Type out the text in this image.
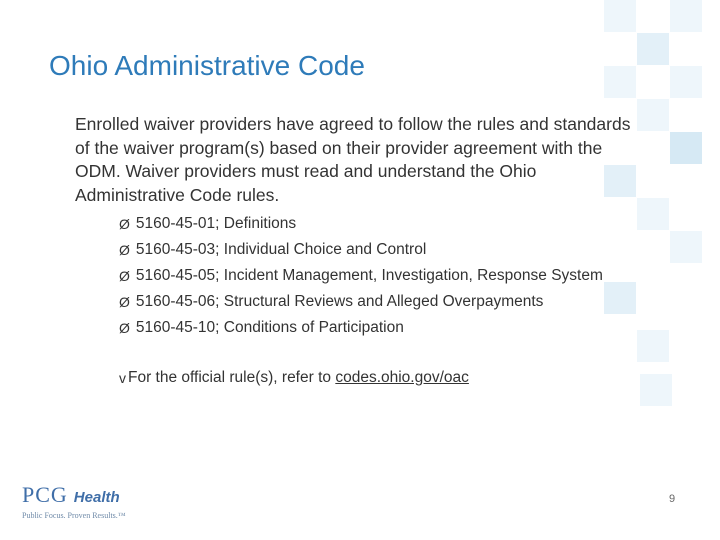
Ohio Administrative Code
Enrolled waiver providers have agreed to follow the rules and standards of the waiver program(s) based on their provider agreement with the ODM. Waiver providers must read and understand the Ohio Administrative Code rules.
Ø 5160-45-01; Definitions
Ø 5160-45-03; Individual Choice and Control
Ø 5160-45-05; Incident Management, Investigation, Response System
Ø 5160-45-06; Structural Reviews and Alleged Overpayments
Ø 5160-45-10; Conditions of Participation
v For the official rule(s), refer to
codes.ohio.gov/oac
PCG Health
Public Focus. Proven Results.™
9
